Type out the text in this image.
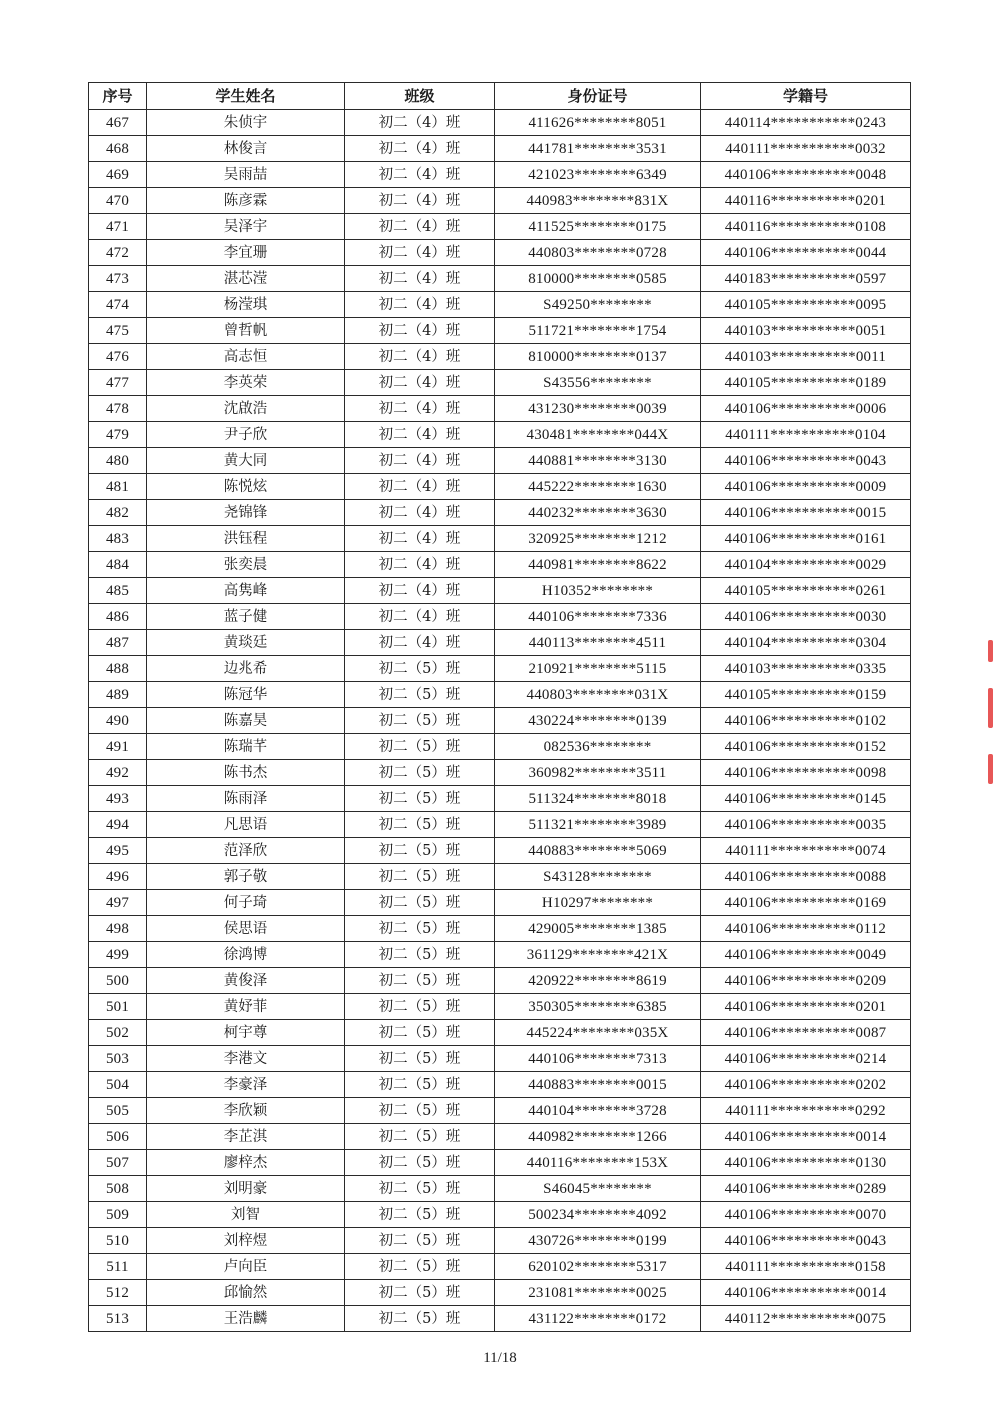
序号	学生姓名	班级	身份证号	学籍号
467	朱侦宇	初二（4）班	411626********8051	440114***********0243
468	林俊言	初二（4）班	441781********3531	440111***********0032
469	吴雨喆	初二（4）班	421023********6349	440106***********0048
470	陈彦霖	初二（4）班	440983********831X	440116***********0201
471	吴泽宇	初二（4）班	411525********0175	440116***********0108
472	李宜珊	初二（4）班	440803********0728	440106***********0044
473	湛芯滢	初二（4）班	810000********0585	440183***********0597
474	杨滢琪	初二（4）班	S49250********	440105***********0095
475	曾哲帆	初二（4）班	511721********1754	440103***********0051
476	高志恒	初二（4）班	810000********0137	440103***********0011
477	李英荣	初二（4）班	S43556********	440105***********0189
478	沈啟浩	初二（4）班	431230********0039	440106***********0006
479	尹子欣	初二（4）班	430481********044X	440111***********0104
480	黄大同	初二（4）班	440881********3130	440106***********0043
481	陈悦炫	初二（4）班	445222********1630	440106***********0009
482	尧锦锋	初二（4）班	440232********3630	440106***********0015
483	洪钰程	初二（4）班	320925********1212	440106***********0161
484	张奕晨	初二（4）班	440981********8622	440104***********0029
485	高隽峰	初二（4）班	H10352********	440105***********0261
486	蓝子健	初二（4）班	440106********7336	440106***********0030
487	黄琰廷	初二（4）班	440113********4511	440104***********0304
488	边兆希	初二（5）班	210921********5115	440103***********0335
489	陈冠华	初二（5）班	440803********031X	440105***********0159
490	陈嘉昊	初二（5）班	430224********0139	440106***********0102
491	陈瑞芊	初二（5）班	082536********	440106***********0152
492	陈书杰	初二（5）班	360982********3511	440106***********0098
493	陈雨泽	初二（5）班	511324********8018	440106***********0145
494	凡思语	初二（5）班	511321********3989	440106***********0035
495	范泽欣	初二（5）班	440883********5069	440111***********0074
496	郭子敬	初二（5）班	S43128********	440106***********0088
497	何子琦	初二（5）班	H10297********	440106***********0169
498	侯思语	初二（5）班	429005********1385	440106***********0112
499	徐鸿博	初二（5）班	361129********421X	440106***********0049
500	黄俊泽	初二（5）班	420922********8619	440106***********0209
501	黄妤菲	初二（5）班	350305********6385	440106***********0201
502	柯宇尊	初二（5）班	445224********035X	440106***********0087
503	李港文	初二（5）班	440106********7313	440106***********0214
504	李豪泽	初二（5）班	440883********0015	440106***********0202
505	李欣颖	初二（5）班	440104********3728	440111***********0292
506	李芷淇	初二（5）班	440982********1266	440106***********0014
507	廖梓杰	初二（5）班	440116********153X	440106***********0130
508	刘明豪	初二（5）班	S46045********	440106***********0289
509	刘智	初二（5）班	500234********4092	440106***********0070
510	刘梓煜	初二（5）班	430726********0199	440106***********0043
511	卢向臣	初二（5）班	620102********5317	440111***********0158
512	邱愉然	初二（5）班	231081********0025	440106***********0014
513	王浩麟	初二（5）班	431122********0172	440112***********0075
11/18
